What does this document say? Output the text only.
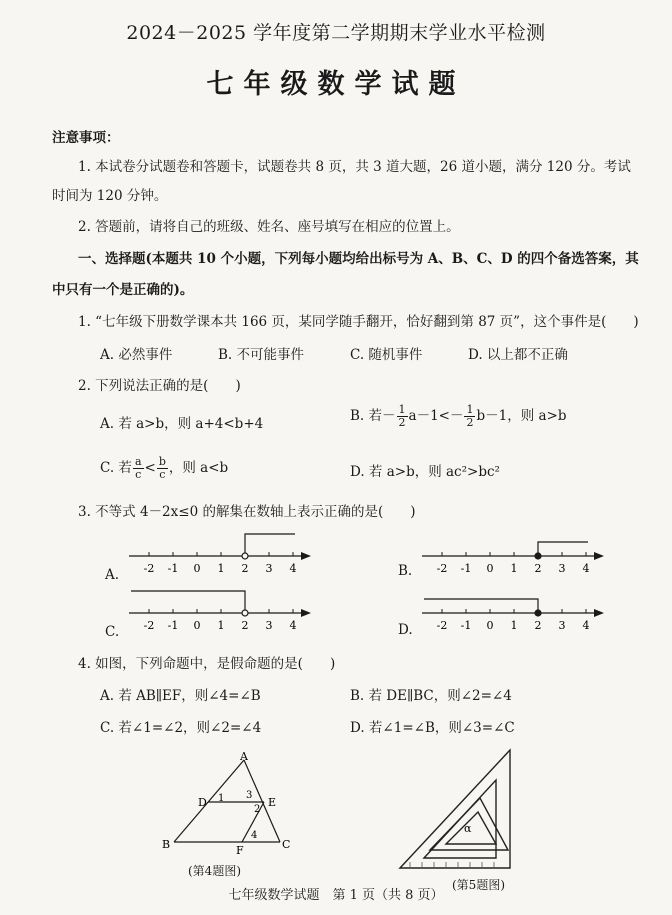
2024－2025 学年度第二学期期末学业水平检测
七年级数学试题
注意事项：
1. 本试卷分试题卷和答题卡，试题卷共 8 页，共 3 道大题，26 道小题，满分 120 分。考试
时间为 120 分钟。
2. 答题前，请将自己的班级、姓名、座号填写在相应的位置上。
一、选择题(本题共 10 个小题，下列每小题均给出标号为 A、B、C、D 的四个备选答案，其
中只有一个是正确的)。
1. “七年级下册数学课本共 166 页，某同学随手翻开，恰好翻到第 87 页”，这个事件是(　　)
A. 必然事件	B. 不可能事件	C. 随机事件	D. 以上都不正确
2. 下列说法正确的是(　　)
A. 若 a>b，则 a+4<b+4	B. 若－ $\frac{1}{2} a-1<- \frac{1}{2} b-1$，则 a>b
C. 若 $\frac{a}{c} < \frac{b}{c}$ ，则 a<b	D. 若 a>b，则 ac²>bc²
3. 不等式 4－2x≤0 的解集在数轴上表示正确的是(　　)
A.	B.
C.	D.
-2 -1 0 1 2 3 4	-2 -1 0 1 2 3 4
-2 -1 0 1 2 3 4	-2 -1 0 1 2 3 4
4. 如图，下列命题中，是假命题的是(　　)
A. 若 AB∥EF，则∠4=∠B	B. 若 DE∥BC，则∠2=∠4
C. 若∠1=∠2，则∠2=∠4	D. 若∠1=∠B，则∠3=∠C
A
B	C
D	E
F
1
2
3
4
(第4题图)
α
(第5题图)
七年级数学试题　第 1 页（共 8 页）
